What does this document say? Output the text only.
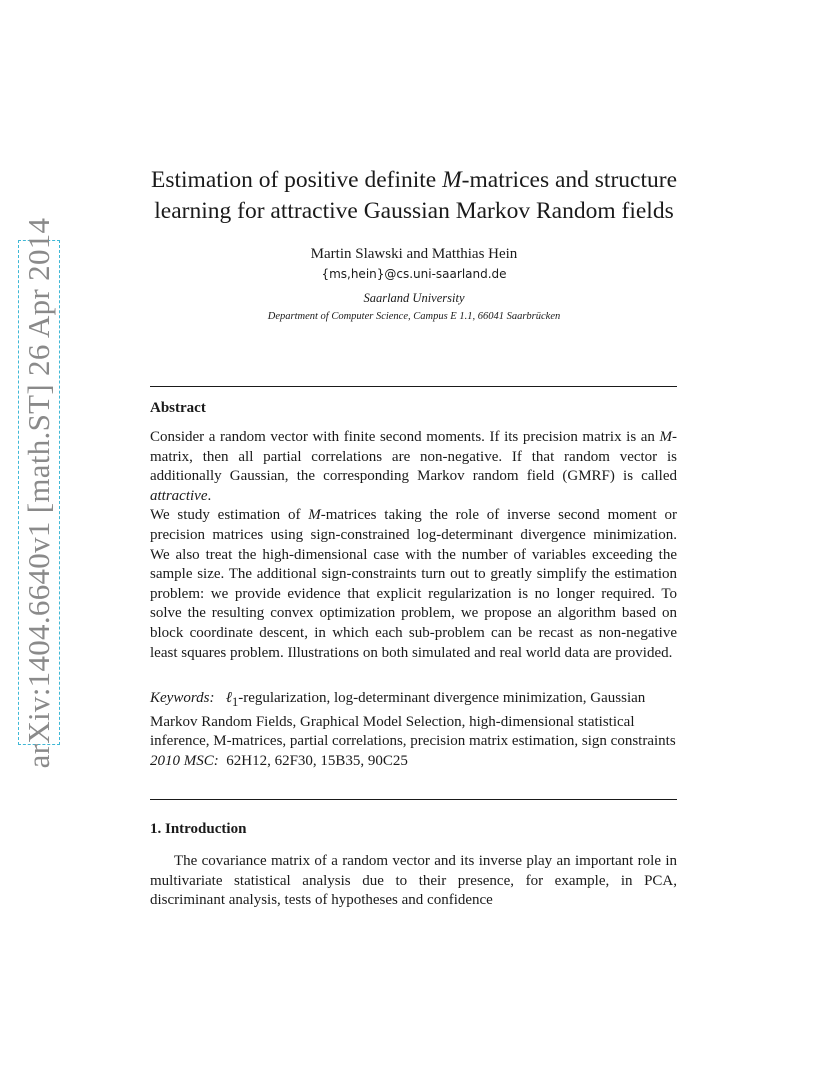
arXiv:1404.6640v1 [math.ST] 26 Apr 2014
Estimation of positive definite M-matrices and structure
learning for attractive Gaussian Markov Random fields
Martin Slawski and Matthias Hein
{ms,hein}@cs.uni-saarland.de
Saarland University
Department of Computer Science, Campus E 1.1, 66041 Saarbrücken
Abstract

Consider a random vector with finite second moments. If its precision matrix is an M-matrix, then all partial correlations are non-negative. If that random vector is additionally Gaussian, the corresponding Markov random field (GMRF) is called attractive.

We study estimation of M-matrices taking the role of inverse second moment or precision matrices using sign-constrained log-determinant divergence minimization. We also treat the high-dimensional case with the number of variables exceeding the sample size. The additional sign-constraints turn out to greatly simplify the estimation problem: we provide evidence that explicit regularization is no longer required. To solve the resulting convex optimization problem, we propose an algorithm based on block coordinate descent, in which each sub-problem can be recast as non-negative least squares problem. Illustrations on both simulated and real world data are provided.

Keywords: ℓ$_1$-regularization, log-determinant divergence minimization, Gaussian Markov Random Fields, Graphical Model Selection, high-dimensional statistical inference, M-matrices, partial correlations, precision matrix estimation, sign constraints
2010 MSC: 62H12, 62F30, 15B35, 90C25
1. Introduction

The covariance matrix of a random vector and its inverse play an important role in multivariate statistical analysis due to their presence, for example, in PCA, discriminant analysis, tests of hypotheses and confidence
